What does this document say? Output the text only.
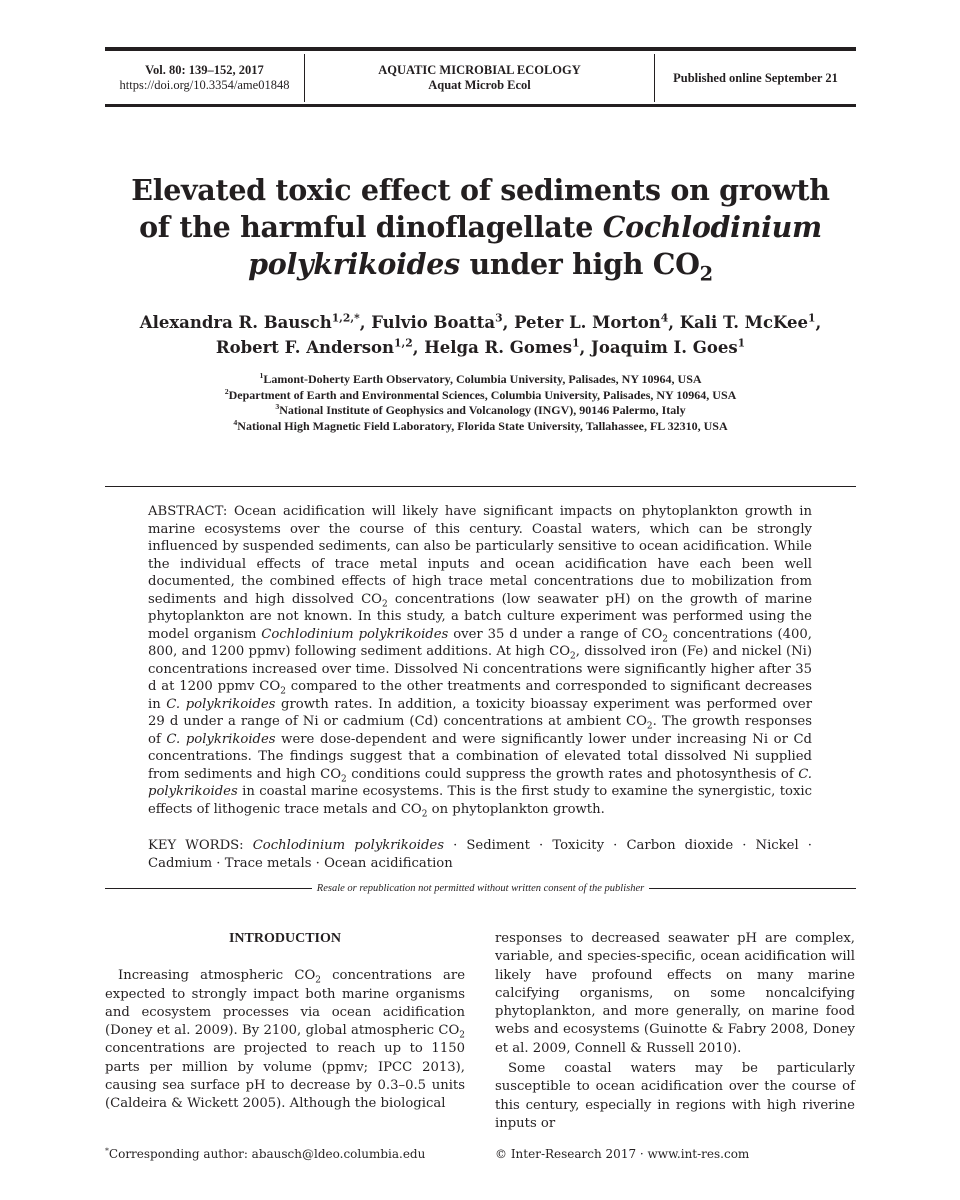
Vol. 80: 139–152, 2017
https://doi.org/10.3354/ame01848
AQUATIC MICROBIAL ECOLOGY
Aquat Microb Ecol
Published online September 21
Elevated toxic effect of sediments on growth
of the harmful dinoflagellate Cochlodinium
polykrikoides under high $CO_2$
Alexandra R. Bausch$^{1,2,*}$, Fulvio Boatta$^3$, Peter L. Morton$^4$, Kali T. McKee$^1$,
Robert F. Anderson$^{1,2}$, Helga R. Gomes$^1$, Joaquim I. Goes$^1$
$^1$Lamont-Doherty Earth Observatory, Columbia University, Palisades, NY 10964, USA
$^2$Department of Earth and Environmental Sciences, Columbia University, Palisades, NY 10964, USA
$^3$National Institute of Geophysics and Volcanology (INGV), 90146 Palermo, Italy
$^4$National High Magnetic Field Laboratory, Florida State University, Tallahassee, FL 32310, USA
ABSTRACT: Ocean acidification will likely have significant impacts on phytoplankton growth in marine ecosystems over the course of this century. Coastal waters, which can be strongly influenced by suspended sediments, can also be particularly sensitive to ocean acidification. While the individual effects of trace metal inputs and ocean acidification have each been well documented, the combined effects of high trace metal concentrations due to mobilization from sediments and high dissolved $CO_2$ concentrations (low seawater pH) on the growth of marine phytoplankton are not known. In this study, a batch culture experiment was performed using the model organism Cochlodinium polykrikoides over 35 d under a range of $CO_2$ concentrations (400, 800, and 1200 ppmv) following sediment additions. At high $CO_2$, dissolved iron (Fe) and nickel (Ni) concentrations increased over time. Dissolved Ni concentrations were significantly higher after 35 d at 1200 ppmv $CO_2$ compared to the other treatments and corresponded to significant decreases in C. polykrikoides growth rates. In addition, a toxicity bioassay experiment was performed over 29 d under a range of Ni or cadmium (Cd) concentrations at ambient $CO_2$. The growth responses of C. polykrikoides were dose-dependent and were significantly lower under increasing Ni or Cd concentrations. The findings suggest that a combination of elevated total dissolved Ni supplied from sediments and high $CO_2$ conditions could suppress the growth rates and photosynthesis of C. polykrikoides in coastal marine ecosystems. This is the first study to examine the synergistic, toxic effects of lithogenic trace metals and $CO_2$ on phytoplankton growth.
KEY WORDS: Cochlodinium polykrikoides · Sediment · Toxicity · Carbon dioxide · Nickel · Cadmium · Trace metals · Ocean acidification
Resale or republication not permitted without written consent of the publisher
INTRODUCTION

Increasing atmospheric $CO_2$ concentrations are expected to strongly impact both marine organisms and ecosystem processes via ocean acidification (Doney et al. 2009). By 2100, global atmospheric $CO_2$ concentrations are projected to reach up to 1150 parts per million by volume (ppmv; IPCC 2013), causing sea surface pH to decrease by 0.3–0.5 units (Caldeira & Wickett 2005). Although the biological

responses to decreased seawater pH are complex, variable, and species-specific, ocean acidification will likely have profound effects on many marine calcifying organisms, on some noncalcifying phytoplankton, and more generally, on marine food webs and ecosystems (Guinotte & Fabry 2008, Doney et al. 2009, Connell & Russell 2010).

Some coastal waters may be particularly susceptible to ocean acidification over the course of this century, especially in regions with high riverine inputs or

*Corresponding author: abausch@ldeo.columbia.edu	© Inter-Research 2017 · www.int-res.com
